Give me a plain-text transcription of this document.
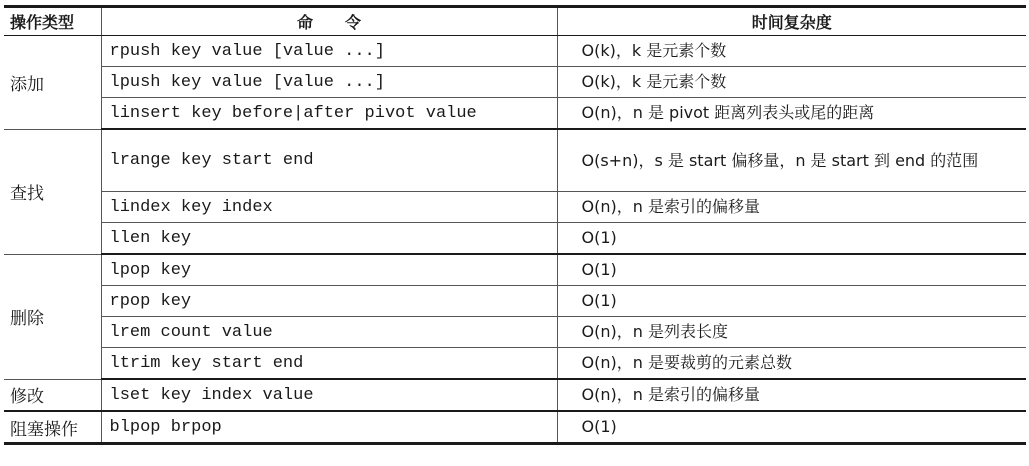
操作类型	命　　令	时间复杂度
添加	rpush key value [value ...]	O(k)，k 是元素个数
	lpush key value [value ...]	O(k)，k 是元素个数
	linsert key before|after pivot value	O(n)，n 是 pivot 距离列表头或尾的距离
查找	lrange key start end	O(s+n)，s 是 start 偏移量，n 是 start 到 end 的范围
	lindex key index	O(n)，n 是索引的偏移量
	llen key	O(1)
删除	lpop key	O(1)
	rpop key	O(1)
	lrem count value	O(n)，n 是列表长度
	ltrim key start end	O(n)，n 是要裁剪的元素总数
修改	lset key index value	O(n)，n 是索引的偏移量
阻塞操作	blpop brpop	O(1)
